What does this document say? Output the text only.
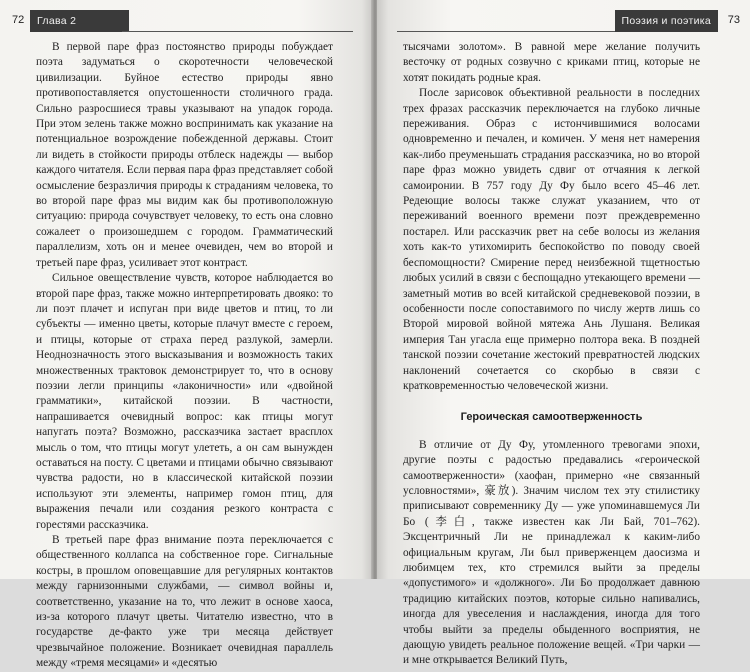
72	Глава 2

В первой паре фраз постоянство природы побуждает поэта задуматься о скоротечности человеческой цивилизации. Буйное естество природы явно противопоставляется опустошенности столичного града. Сильно разросшиеся травы указывают на упадок города. При этом зелень также можно воспринимать как указание на потенциальное возрождение побежденной державы. Стоит ли видеть в стойкости природы отблеск надежды — выбор каждого читателя. Если первая пара фраз представляет собой осмысление безразличия природы к страданиям человека, то во второй паре фраз мы видим как бы противоположную ситуацию: природа сочувствует человеку, то есть она словно сожалеет о произошедшем с городом. Грамматический параллелизм, хоть он и менее очевиден, чем во второй и третьей паре фраз, усиливает этот контраст.

Сильное овеществление чувств, которое наблюдается во второй паре фраз, также можно интерпретировать двояко: то ли поэт плачет и испуган при виде цветов и птиц, то ли субъекты — именно цветы, которые плачут вместе с героем, и птицы, которые от страха перед разлукой, замерли. Неоднозначность этого высказывания и возможность таких множественных трактовок демонстрирует то, что в основу поэзии легли принципы «лаконичности» или «двойной грамматики», китайской поэзии. В частности, напрашивается очевидный вопрос: как птицы могут напугать поэта? Возможно, рассказчика застает врасплох мысль о том, что птицы могут улететь, а он сам вынужден оставаться на посту. С цветами и птицами обычно связывают чувства радости, но в классической китайской поэзии используют эти элементы, например гомон птиц, для выражения печали или создания резкого контраста с горестями рассказчика.

В третьей паре фраз внимание поэта переключается с общественного коллапса на собственное горе. Сигнальные костры, в прошлом оповещавшие для регулярных контактов между гарнизонными службами, — символ войны и, соответственно, указание на то, что лежит в основе хаоса, из-за которого плачут цветы. Читателю известно, что в государстве де-факто уже три месяца действует чрезвычайное положение. Возникает очевидная параллель между «тремя месяцами» и «десятью

Поэзия и поэтика	73

тысячами золотом». В равной мере желание получить весточку от родных созвучно с криками птиц, которые не хотят покидать родные края.

После зарисовок объективной реальности в последних трех фразах рассказчик переключается на глубоко личные переживания. Образ с истончившимися волосами одновременно и печален, и комичен. У меня нет намерения как-либо преуменьшать страдания рассказчика, но во второй паре фраз можно увидеть сдвиг от отчаяния к легкой самоиронии. В 757 году Ду Фу было всего 45–46 лет. Редеющие волосы также служат указанием, что от переживаний военного времени поэт преждевременно постарел. Или рассказчик рвет на себе волосы из желания хоть как-то утихомирить беспокойство по поводу своей беспомощности? Смирение перед неизбежной тщетностью любых усилий в связи с беспощадно утекающего времени — заметный мотив во всей китайской средневековой поэзии, в особенности после сопоставимого по числу жертв лишь со Второй мировой войной мятежа Ань Лушаня. Великая империя Тан угасла еще примерно полтора века. В поздней танской поэзии сочетание жестокий превратностей людских наклонений сочетается со скорбью в связи с кратковременностью человеческой жизни.

Героическая самоотверженность

В отличие от Ду Фу, утомленного тревогами эпохи, другие поэты с радостью предавались «героической самоотверженности» (хаофан, примерно «не связанный условностями», 豪放). Значим числом тех эту стилистику приписывают современнику Ду — уже упоминавшемуся Ли Бо (李白, также известен как Ли Бай, 701–762). Эксцентричный Ли не принадлежал к каким-либо официальным кругам, Ли был приверженцем даосизма и любимцем тех, кто стремился выйти за пределы «допустимого» и «должного». Ли Бо продолжает давнюю традицию китайских поэтов, которые сильно напивались, иногда для увеселения и наслаждения, иногда для того чтобы выйти за пределы обыденного восприятия, не дающую увидеть реальное положение вещей. «Три чарки — и мне открывается Великий Путь,
